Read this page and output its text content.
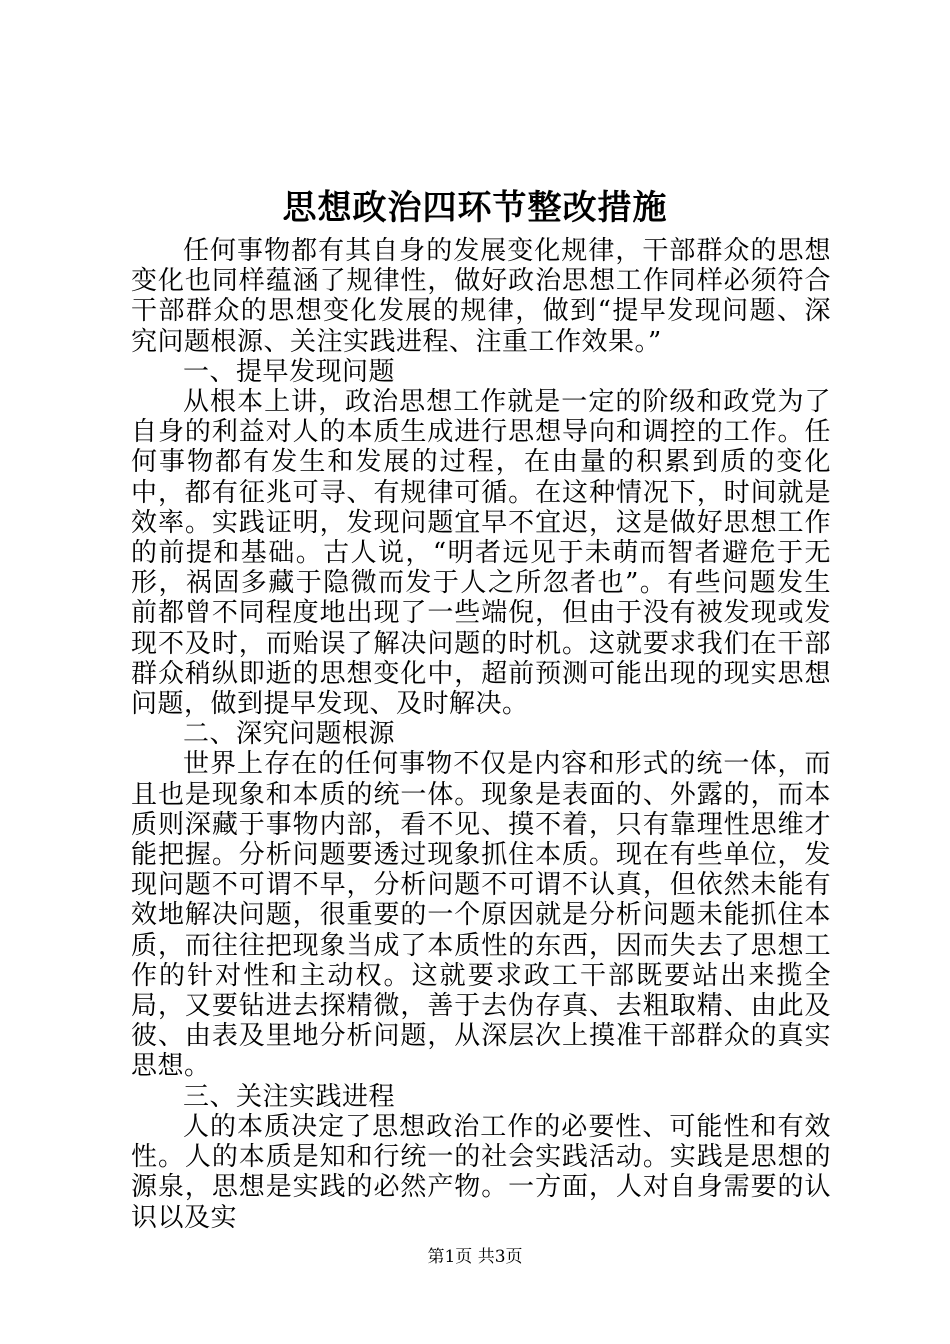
思想政治四环节整改措施

任何事物都有其自身的发展变化规律，干部群众的思想变化也同样蕴涵了规律性，做好政治思想工作同样必须符合干部群众的思想变化发展的规律，做到“提早发现问题、深究问题根源、关注实践进程、注重工作效果。”

一、提早发现问题

从根本上讲，政治思想工作就是一定的阶级和政党为了自身的利益对人的本质生成进行思想导向和调控的工作。任何事物都有发生和发展的过程，在由量的积累到质的变化中，都有征兆可寻、有规律可循。在这种情况下，时间就是效率。实践证明，发现问题宜早不宜迟，这是做好思想工作的前提和基础。古人说，“明者远见于未萌而智者避危于无形，祸固多藏于隐微而发于人之所忽者也”。有些问题发生前都曾不同程度地出现了一些端倪，但由于没有被发现或发现不及时，而贻误了解决问题的时机。这就要求我们在干部群众稍纵即逝的思想变化中，超前预测可能出现的现实思想问题，做到提早发现、及时解决。

二、深究问题根源

世界上存在的任何事物不仅是内容和形式的统一体，而且也是现象和本质的统一体。现象是表面的、外露的，而本质则深藏于事物内部，看不见、摸不着，只有靠理性思维才能把握。分析问题要透过现象抓住本质。现在有些单位，发现问题不可谓不早，分析问题不可谓不认真，但依然未能有效地解决问题，很重要的一个原因就是分析问题未能抓住本质，而往往把现象当成了本质性的东西，因而失去了思想工作的针对性和主动权。这就要求政工干部既要站出来揽全局，又要钻进去探精微，善于去伪存真、去粗取精、由此及彼、由表及里地分析问题，从深层次上摸准干部群众的真实思想。

三、关注实践进程

人的本质决定了思想政治工作的必要性、可能性和有效性。人的本质是知和行统一的社会实践活动。实践是思想的源泉，思想是实践的必然产物。一方面，人对自身需要的认识以及实

第1页 共3页
